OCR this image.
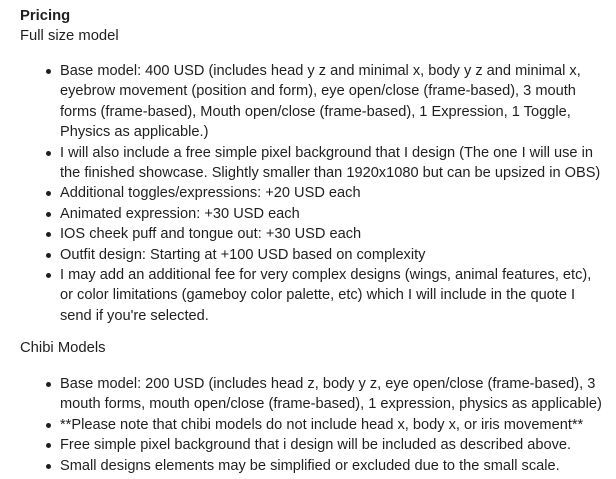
Pricing
Full size model
Base model: 400 USD (includes head y z and minimal x, body y z and minimal x, eyebrow movement (position and form), eye open/close (frame-based), 3 mouth forms (frame-based), Mouth open/close (frame-based), 1 Expression, 1 Toggle, Physics as applicable.)
I will also include a free simple pixel background that I design (The one I will use in the finished showcase. Slightly smaller than 1920x1080 but can be upsized in OBS)
Additional toggles/expressions: +20 USD each
Animated expression: +30 USD each
IOS cheek puff and tongue out: +30 USD each
Outfit design: Starting at +100 USD based on complexity
I may add an additional fee for very complex designs (wings, animal features, etc), or color limitations (gameboy color palette, etc) which I will include in the quote I send if you're selected.
Chibi Models
Base model: 200 USD (includes head z, body y z, eye open/close (frame-based), 3 mouth forms, mouth open/close (frame-based), 1 expression, physics as applicable)
**Please note that chibi models do not include head x, body x, or iris movement**
Free simple pixel background that i design will be included as described above.
Small designs elements may be simplified or excluded due to the small scale.
